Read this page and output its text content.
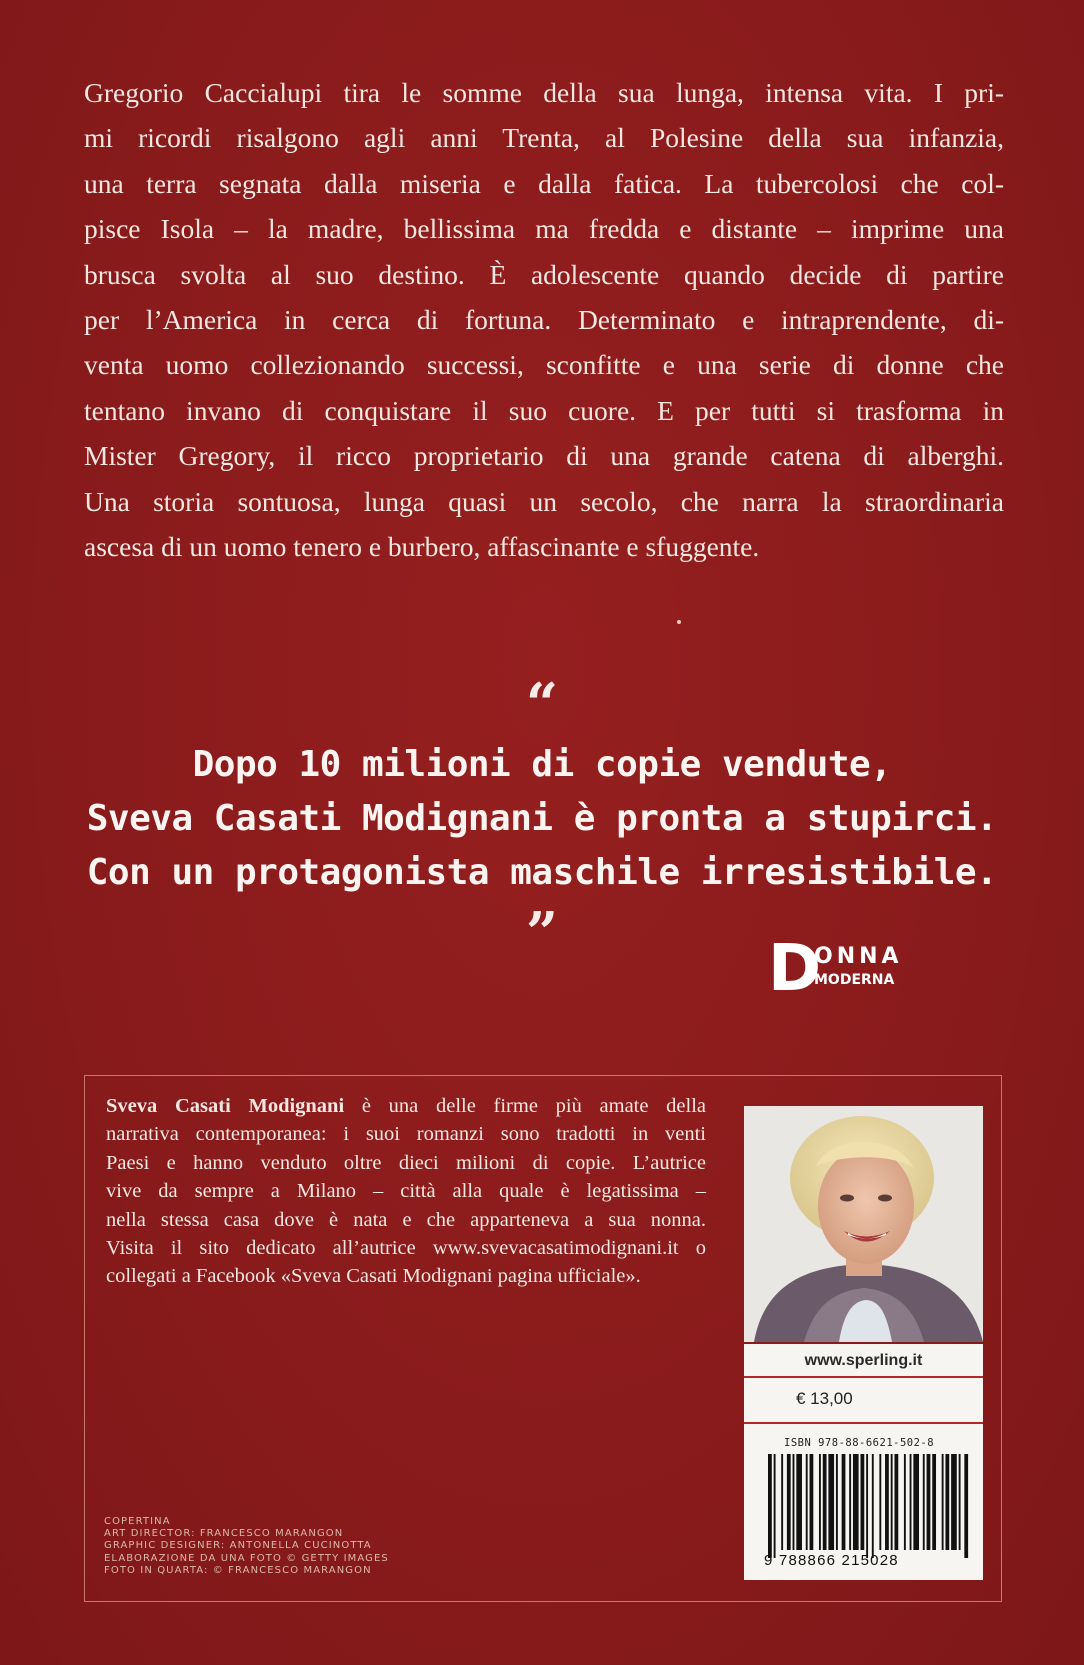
Gregorio Caccialupi tira le somme della sua lunga, intensa vita. I pri-
mi ricordi risalgono agli anni Trenta, al Polesine della sua infanzia,
una terra segnata dalla miseria e dalla fatica. La tubercolosi che col-
pisce Isola – la madre, bellissima ma fredda e distante – imprime una
brusca svolta al suo destino. È adolescente quando decide di partire
per l’America in cerca di fortuna. Determinato e intraprendente, di-
venta uomo collezionando successi, sconfitte e una serie di donne che
tentano invano di conquistare il suo cuore. E per tutti si trasforma in
Mister Gregory, il ricco proprietario di una grande catena di alberghi.
Una storia sontuosa, lunga quasi un secolo, che narra la straordinaria
ascesa di un uomo tenero e burbero, affascinante e sfuggente.
“
Dopo 10 milioni di copie vendute,
Sveva Casati Modignani è pronta a stupirci.
Con un protagonista maschile irresistibile.
”	D
ONNA
MODERNA
Sveva Casati Modignani è una delle firme più amate della
narrativa contemporanea: i suoi romanzi sono tradotti in venti
Paesi e hanno venduto oltre dieci milioni di copie. L’autrice
vive da sempre a Milano – città alla quale è legatissima –
nella stessa casa dove è nata e che apparteneva a sua nonna.
Visita il sito dedicato all’autrice www.svevacasatimodignani.it o
collegati a Facebook «Sveva Casati Modignani pagina ufficiale».
www.sperling.it
€ 13,00
ISBN 978-88-6621-502-8
9 788866 215028
COPERTINA
ART DIRECTOR: FRANCESCO MARANGON
GRAPHIC DESIGNER: ANTONELLA CUCINOTTA
ELABORAZIONE DA UNA FOTO © GETTY IMAGES
FOTO IN QUARTA: © FRANCESCO MARANGON
